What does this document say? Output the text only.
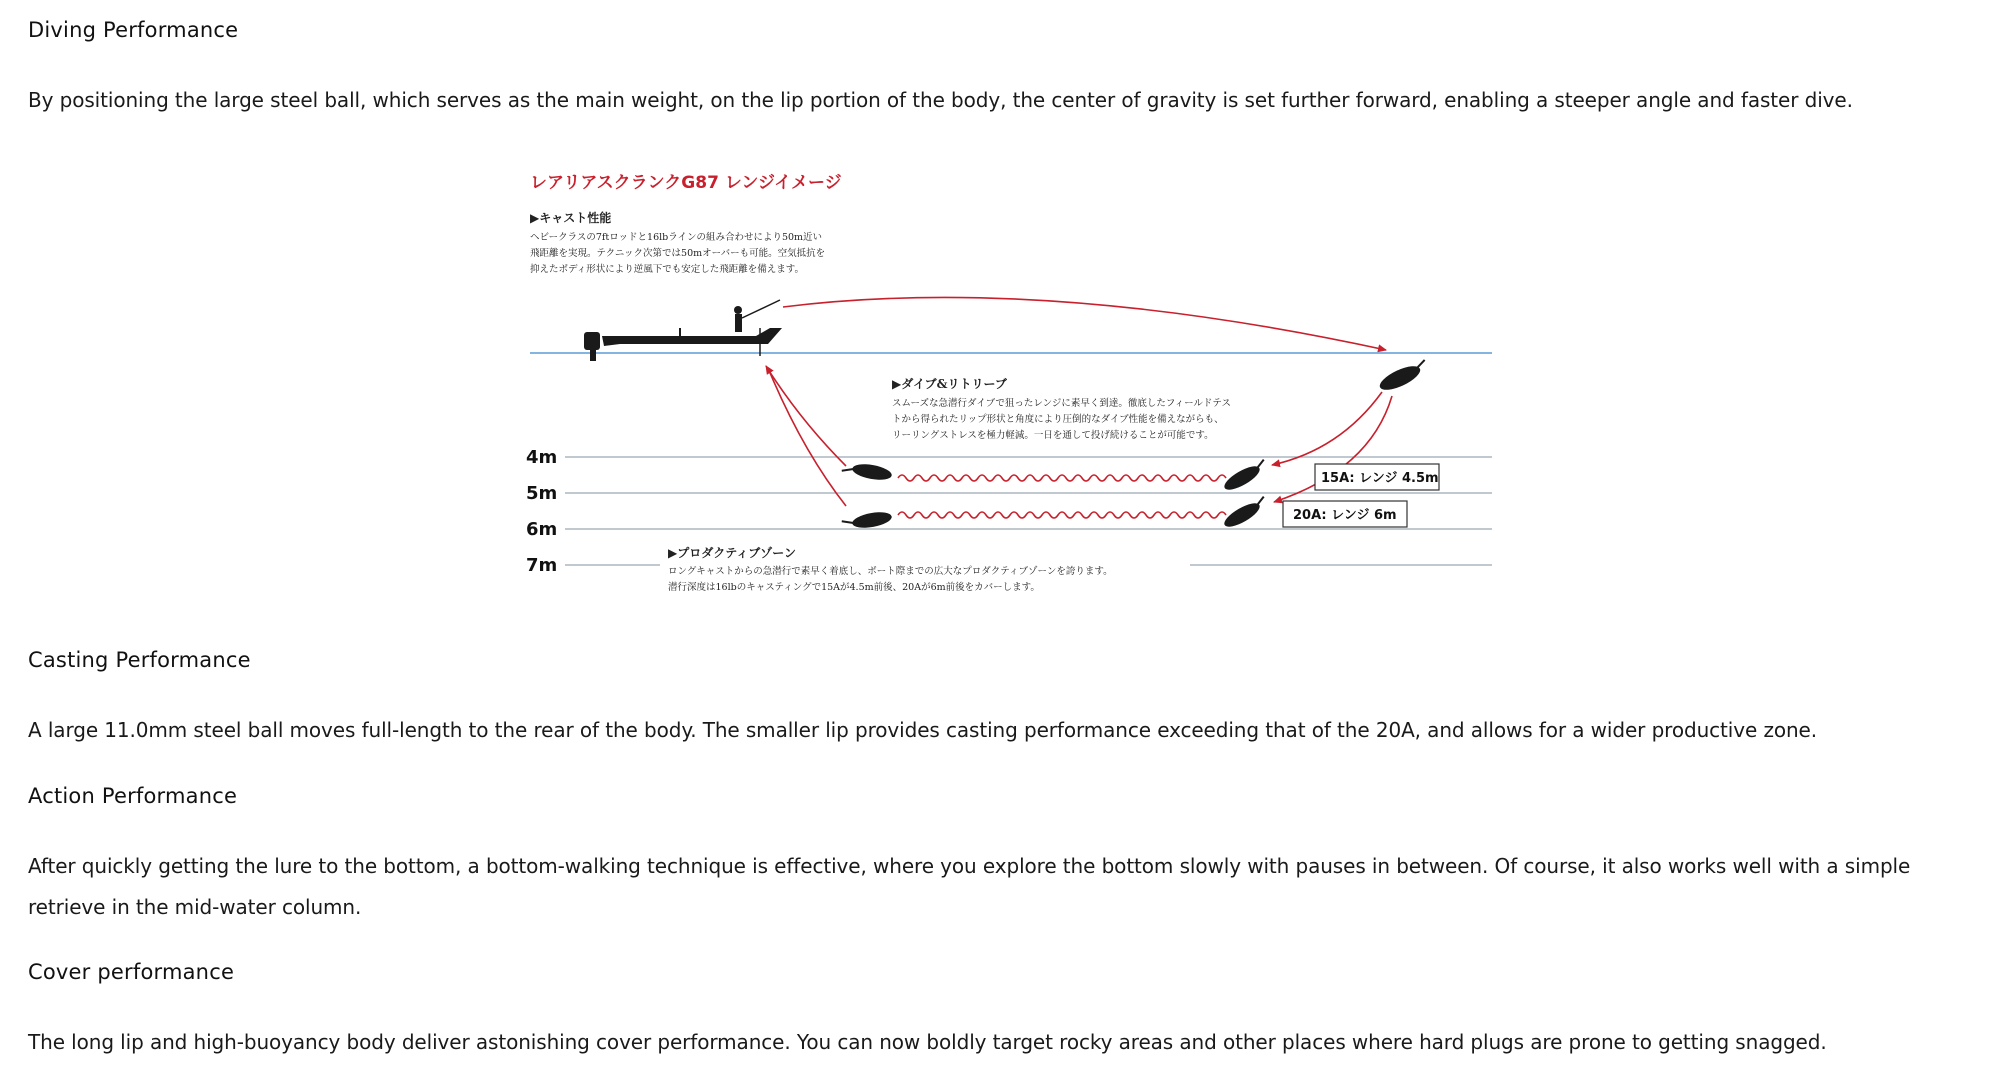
Diving Performance

By positioning the large steel ball, which serves as the main weight, on the lip portion of the body, the center of gravity is set further forward, enabling a steeper angle and faster dive.

レアリアスクランクG87 レンジイメージ
▶キャスト性能
ヘビークラスの7ftロッドと16lbラインの組み合わせにより50m近い
飛距離を実現。テクニック次第では50mオーバーも可能。空気抵抗を
抑えたボディ形状により逆風下でも安定した飛距離を備えます。
▶ダイブ&リトリーブ
スムーズな急潜行ダイブで狙ったレンジに素早く到達。徹底したフィールドテス
トから得られたリップ形状と角度により圧倒的なダイブ性能を備えながらも、
リーリングストレスを極力軽減。一日を通して投げ続けることが可能です。
4m
5m
6m
7m
15A: レンジ 4.5m
20A: レンジ 6m
▶プロダクティブゾーン
ロングキャストからの急潜行で素早く着底し、ボート際までの広大なプロダクティブゾーンを誇ります。
潜行深度は16lbのキャスティングで15Aが4.5m前後、20Aが6m前後をカバーします。
Casting Performance

A large 11.0mm steel ball moves full-length to the rear of the body. The smaller lip provides casting performance exceeding that of the 20A, and allows for a wider productive zone.

Action Performance

After quickly getting the lure to the bottom, a bottom-walking technique is effective, where you explore the bottom slowly with pauses in between. Of course, it also works well with a simple retrieve in the mid-water column.

Cover performance

The long lip and high-buoyancy body deliver astonishing cover performance. You can now boldly target rocky areas and other places where hard plugs are prone to getting snagged.
